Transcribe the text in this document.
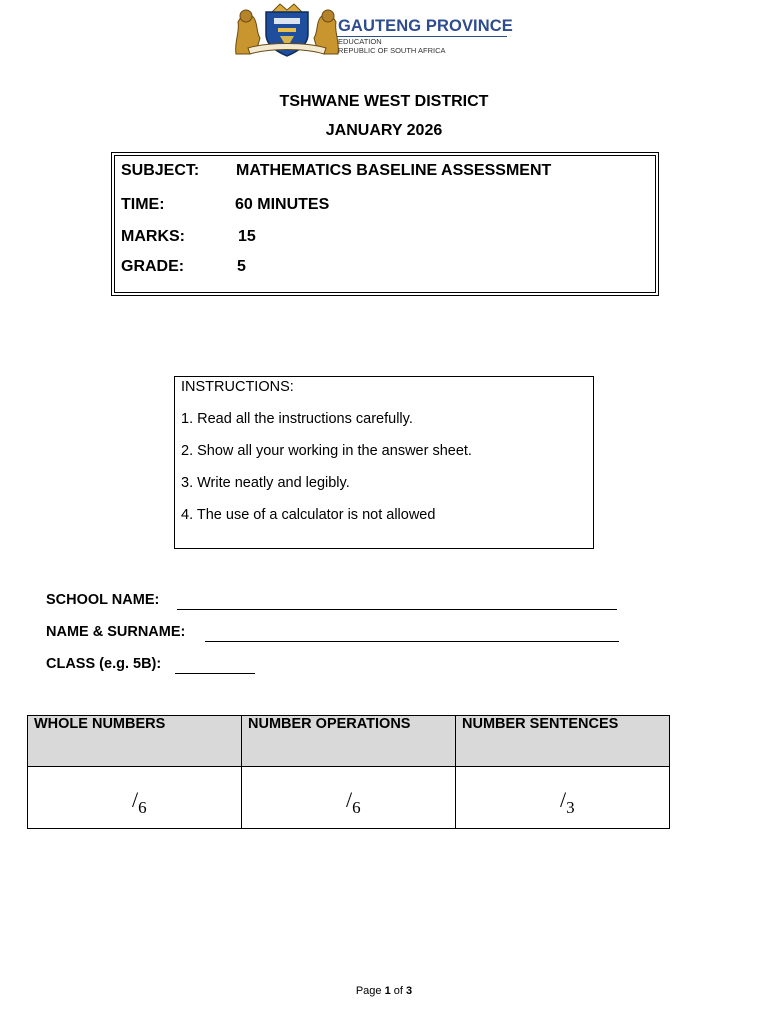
GAUTENG PROVINCE
EDUCATION
REPUBLIC OF SOUTH AFRICA
TSHWANE WEST DISTRICT
JANUARY 2026
SUBJECT: MATHEMATICS BASELINE ASSESSMENT
TIME:	60 MINUTES
MARKS:	15
GRADE:	5
INSTRUCTIONS:
1. Read all the instructions carefully.
2. Show all your working in the answer sheet.
3. Write neatly and legibly.
4. The use of a calculator is not allowed
SCHOOL NAME:
NAME & SURNAME:
CLASS (e.g. 5B):
WHOLE NUMBERS	NUMBER OPERATIONS	NUMBER SENTENCES

$/_6$	$/_6$	$/_3$
Page 1 of 3
